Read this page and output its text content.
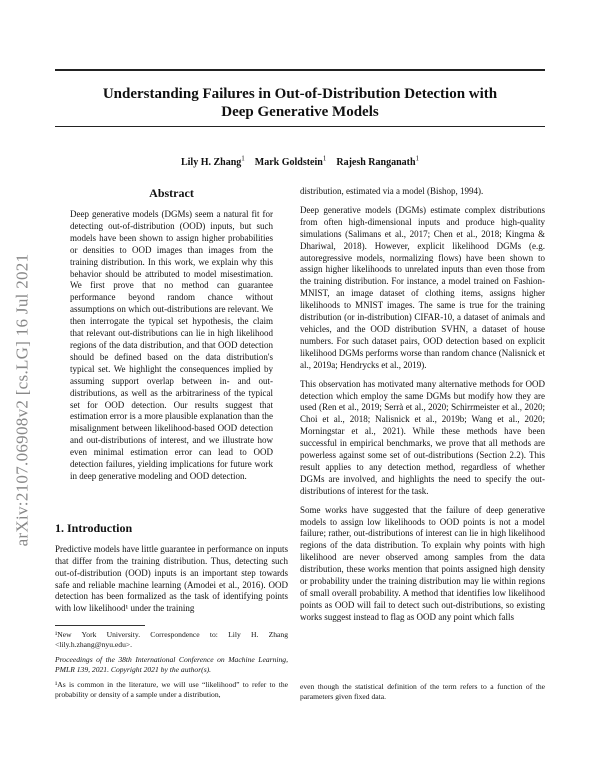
arXiv:2107.06908v2 [cs.LG] 16 Jul 2021
Understanding Failures in Out-of-Distribution Detection with
Deep Generative Models
Lily H. Zhang$^1$ Mark Goldstein$^1$ Rajesh Ranganath$^1$
Abstract
Deep generative models (DGMs) seem a natural fit for detecting out-of-distribution (OOD) inputs, but such models have been shown to assign higher probabilities or densities to OOD images than images from the training distribution. In this work, we explain why this behavior should be attributed to model misestimation. We first prove that no method can guarantee performance beyond random chance without assumptions on which out-distributions are relevant. We then interrogate the typical set hypothesis, the claim that relevant out-distributions can lie in high likelihood regions of the data distribution, and that OOD detection should be defined based on the data distribution's typical set. We highlight the consequences implied by assuming support overlap between in- and out-distributions, as well as the arbitrariness of the typical set for OOD detection. Our results suggest that estimation error is a more plausible explanation than the misalignment between likelihood-based OOD detection and out-distributions of interest, and we illustrate how even minimal estimation error can lead to OOD detection failures, yielding implications for future work in deep generative modeling and OOD detection.
1. Introduction

Predictive models have little guarantee in performance on inputs that differ from the training distribution. Thus, detecting such out-of-distribution (OOD) inputs is an important step towards safe and reliable machine learning (Amodei et al., 2016). OOD detection has been formalized as the task of identifying points with low likelihood¹ under the training

¹New York University. Correspondence to: Lily H. Zhang <lily.h.zhang@nyu.edu>.

Proceedings of the 38th International Conference on Machine Learning, PMLR 139, 2021. Copyright 2021 by the author(s).

¹As is common in the literature, we will use “likelihood” to refer to the probability or density of a sample under a distribution,

distribution, estimated via a model (Bishop, 1994).

Deep generative models (DGMs) estimate complex distributions from often high-dimensional inputs and produce high-quality simulations (Salimans et al., 2017; Chen et al., 2018; Kingma & Dhariwal, 2018). However, explicit likelihood DGMs (e.g. autoregressive models, normalizing flows) have been shown to assign higher likelihoods to unrelated inputs than even those from the training distribution. For instance, a model trained on Fashion-MNIST, an image dataset of clothing items, assigns higher likelihoods to MNIST images. The same is true for the training distribution (or in-distribution) CIFAR-10, a dataset of animals and vehicles, and the OOD distribution SVHN, a dataset of house numbers. For such dataset pairs, OOD detection based on explicit likelihood DGMs performs worse than random chance (Nalisnick et al., 2019a; Hendrycks et al., 2019).

This observation has motivated many alternative methods for OOD detection which employ the same DGMs but modify how they are used (Ren et al., 2019; Serrà et al., 2020; Schirrmeister et al., 2020; Choi et al., 2018; Nalisnick et al., 2019b; Wang et al., 2020; Morningstar et al., 2021). While these methods have been successful in empirical benchmarks, we prove that all methods are powerless against some set of out-distributions (Section 2.2). This result applies to any detection method, regardless of whether DGMs are involved, and highlights the need to specify the out-distributions of interest for the task.

Some works have suggested that the failure of deep generative models to assign low likelihoods to OOD points is not a model failure; rather, out-distributions of interest can lie in high likelihood regions of the data distribution. To explain why points with high likelihood are never observed among samples from the data distribution, these works mention that points assigned high density or probability under the training distribution may lie within regions of small overall probability. A method that identifies low likelihood points as OOD will fail to detect such out-distributions, so existing works suggest instead to flag as OOD any point which falls

even though the statistical definition of the term refers to a function of the parameters given fixed data.
